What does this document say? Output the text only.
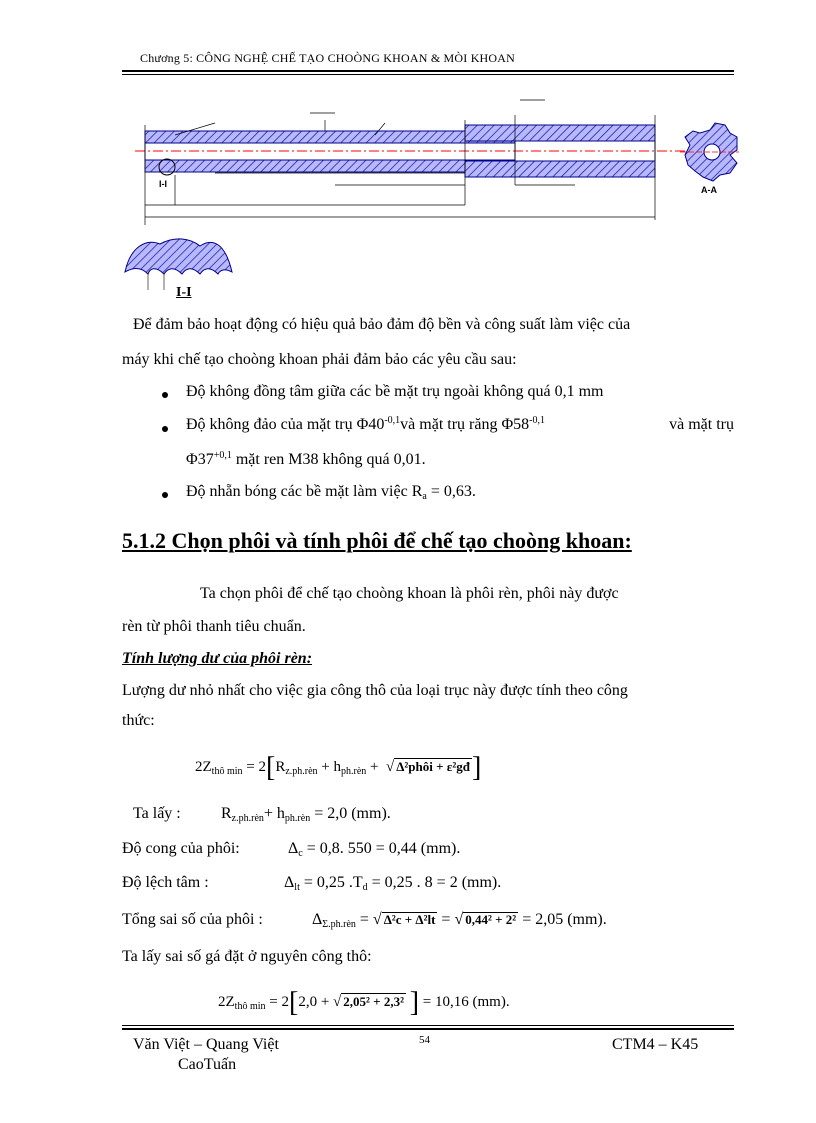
Chương 5: CÔNG NGHỆ CHẾ TẠO CHOÒNG KHOAN & MÒI KHOAN
A-A
I-I
I-I
Để đảm bảo hoạt động có hiệu quả bảo đảm độ bền và công suất làm việc của
máy khi chế tạo choòng khoan phải đảm bảo các yêu cầu sau:
Độ không đồng tâm giữa các bề mặt trụ ngoài không quá 0,1 mm
Độ không đảo của mặt trụ $\Phi 40^{-0,1}và$ mặt trụ răng $\Phi 58^{-0,1}$	và mặt trụ
$\Phi 37^{+0,1}$ mặt ren M38 không quá 0,01.
Độ nhẵn bóng các bề mặt làm việc $R_a = 0,63$.
5.1.2 Chọn phôi và tính phôi để chế tạo choòng khoan:
Ta chọn phôi để chế tạo choòng khoan là phôi rèn, phôi này được
rèn từ phôi thanh tiêu chuẩn.
Tính lượng dư của phôi rèn:
Lượng dư nhỏ nhất cho việc gia công thô của loại trục này được tính theo công
thức:
$2Z_{thô min} = 2[R_{z.ph.rèn} + h_{ph.rèn}$ +  √ Δ²phôi + ε²gđ]
Ta lấy :	$R_{z.ph.rèn}+ h_{ph.rèn} = 2,0$ (mm).
Độ cong của phôi:	$\Delta_c = 0,8$. 550 = 0,44 (mm).
Độ lệch tâm :	$\Delta_{lt} = 0,25$ $.T_d = 0,25$ . 8 = 2 (mm).
Tổng sai số của phôi :	$\Delta_{\Sigma.ph.rèn}$ = √ Δ²c + Δ²lt = √ 0,44² + 2² = 2,05 (mm).
Ta lấy sai số gá đặt ở nguyên công thô:
$2Z_{thô min} = 2[2,0$ + √ 2,05² + 2,3² ] = 10,16 (mm).
Văn Việt – Quang Việt
CaoTuấn
54	CTM4 – K45
